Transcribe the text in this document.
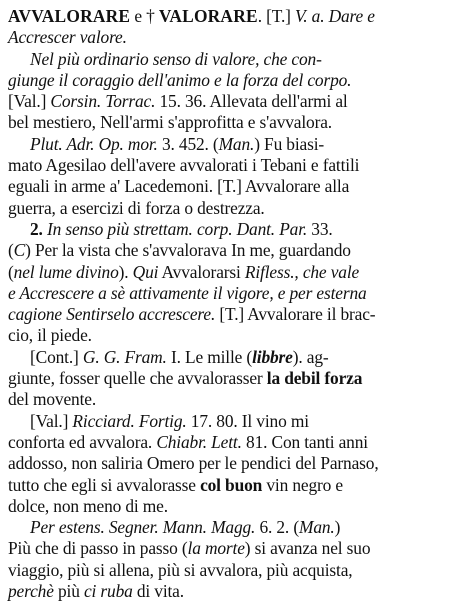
AVVALORARE e † VALORARE. [T.] V. a. Dare e
Accrescer valore.
Nel più ordinario senso di valore, che con-
giunge il coraggio dell'animo e la forza del corpo.
[Val.] Corsin. Torrac. 15. 36. Allevata dell'armi al
bel mestiero, Nell'armi s'approfitta e s'avvalora.
Plut. Adr. Op. mor. 3. 452. (Man.) Fu biasi-
mato Agesilao dell'avere avvalorati i Tebani e fattili
eguali in arme a' Lacedemoni. [T.] Avvalorare alla
guerra, a esercizi di forza o destrezza.
2. In senso più strettam. corp. Dant. Par. 33.
(C) Per la vista che s'avvalorava In me, guardando
(nel lume divino). Qui Avvalorarsi Rifless., che vale
e Accrescere a sè attivamente il vigore, e per esterna
cagione Sentirselo accrescere. [T.] Avvalorare il brac-
cio, il piede.
[Cont.] G. G. Fram. I. Le mille (libbre). ag-
giunte, fosser quelle che avvalorasser la debil forza
del movente.
[Val.] Ricciard. Fortig. 17. 80. Il vino mi
conforta ed avvalora. Chiabr. Lett. 81. Con tanti anni
addosso, non saliria Omero per le pendici del Parnaso,
tutto che egli si avvalorasse col buon vin negro e
dolce, non meno di me.
Per estens. Segner. Mann. Magg. 6. 2. (Man.)
Più che di passo in passo (la morte) si avanza nel suo
viaggio, più si allena, più si avvalora, più acquista,
perchè più ci ruba di vita.
